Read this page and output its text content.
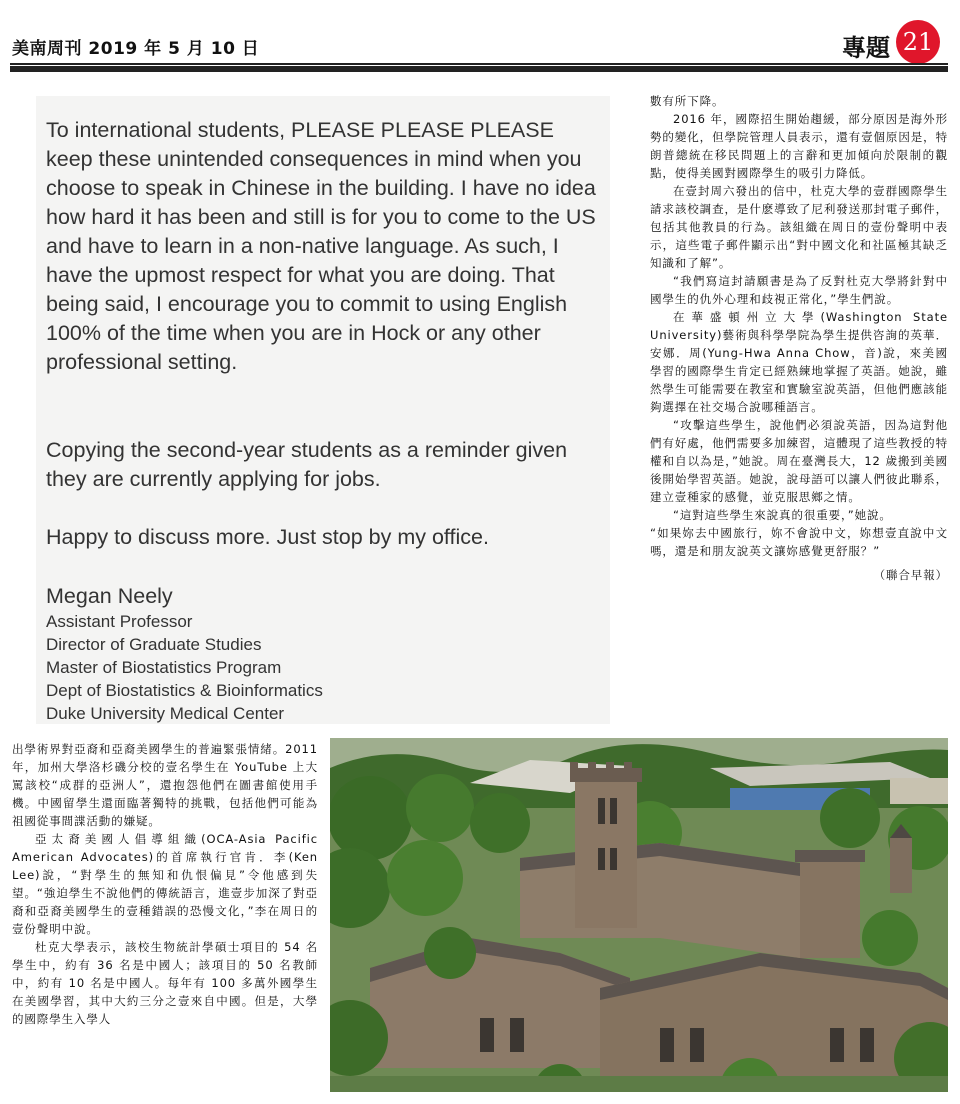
美南周刊 2019 年 5 月 10 日	專題 21
To international students, PLEASE PLEASE PLEASE keep these unintended consequences in mind when you choose to speak in Chinese in the building. I have no idea how hard it has been and still is for you to come to the US and have to learn in a non-native language. As such, I have the upmost respect for what you are doing. That being said, I encourage you to commit to using English 100% of the time when you are in Hock or any other professional setting.
Copying the second-year students as a reminder given they are currently applying for jobs.
Happy to discuss more. Just stop by my office.
Megan Neely
Assistant Professor
Director of Graduate Studies
Master of Biostatistics Program
Dept of Biostatistics & Bioinformatics
Duke University Medical Center

數有所下降。

2016 年，國際招生開始趨緩，部分原因是海外形勢的變化，但學院管理人員表示，還有壹個原因是，特朗普總統在移民問題上的言辭和更加傾向於限制的觀點，使得美國對國際學生的吸引力降低。

在壹封周六發出的信中，杜克大學的壹群國際學生請求該校調查，是什麽導致了尼利發送那封電子郵件，包括其他教員的行為。該組織在周日的壹份聲明中表示，這些電子郵件顯示出“對中國文化和社區極其缺乏知識和了解”。

“我們寫這封請願書是為了反對杜克大學將針對中國學生的仇外心理和歧視正常化，”學生們說。

在華盛頓州立大學(Washington State University)藝術與科學學院為學生提供咨詢的英華．安娜．周(Yung-Hwa Anna Chow，音)說，來美國學習的國際學生肯定已經熟練地掌握了英語。她說，雖然學生可能需要在教室和實驗室說英語，但他們應該能夠選擇在社交場合說哪種語言。

“攻擊這些學生，說他們必須說英語，因為這對他們有好處，他們需要多加練習，這體現了這些教授的特權和自以為是，”她說。周在臺灣長大，12 歲搬到美國後開始學習英語。她說，說母語可以讓人們彼此聯系，建立壹種家的感覺，並克服思鄉之情。

“這對這些學生來說真的很重要，”她說。

“如果妳去中國旅行，妳不會說中文，妳想壹直說中文嗎，還是和朋友說英文讓妳感覺更舒服？”

（聯合早報）

出學術界對亞裔和亞裔美國學生的普遍緊張情緒。2011 年，加州大學洛杉磯分校的壹名學生在 YouTube 上大罵該校“成群的亞洲人”，還抱怨他們在圖書館使用手機。中國留學生還面臨著獨特的挑戰，包括他們可能為祖國從事間諜活動的嫌疑。

亞太裔美國人倡導組織(OCA-Asia Pacific American Advocates)的首席執行官肯．李(Ken Lee)說，“對學生的無知和仇恨偏見”令他感到失望。“強迫學生不說他們的傳統語言，進壹步加深了對亞裔和亞裔美國學生的壹種錯誤的恐慢文化，”李在周日的壹份聲明中說。

杜克大學表示，該校生物統計學碩士項目的 54 名學生中，約有 36 名是中國人；該項目的 50 名教師中，約有 10 名是中國人。每年有 100 多萬外國學生在美國學習，其中大約三分之壹來自中國。但是，大學的國際學生入學人
